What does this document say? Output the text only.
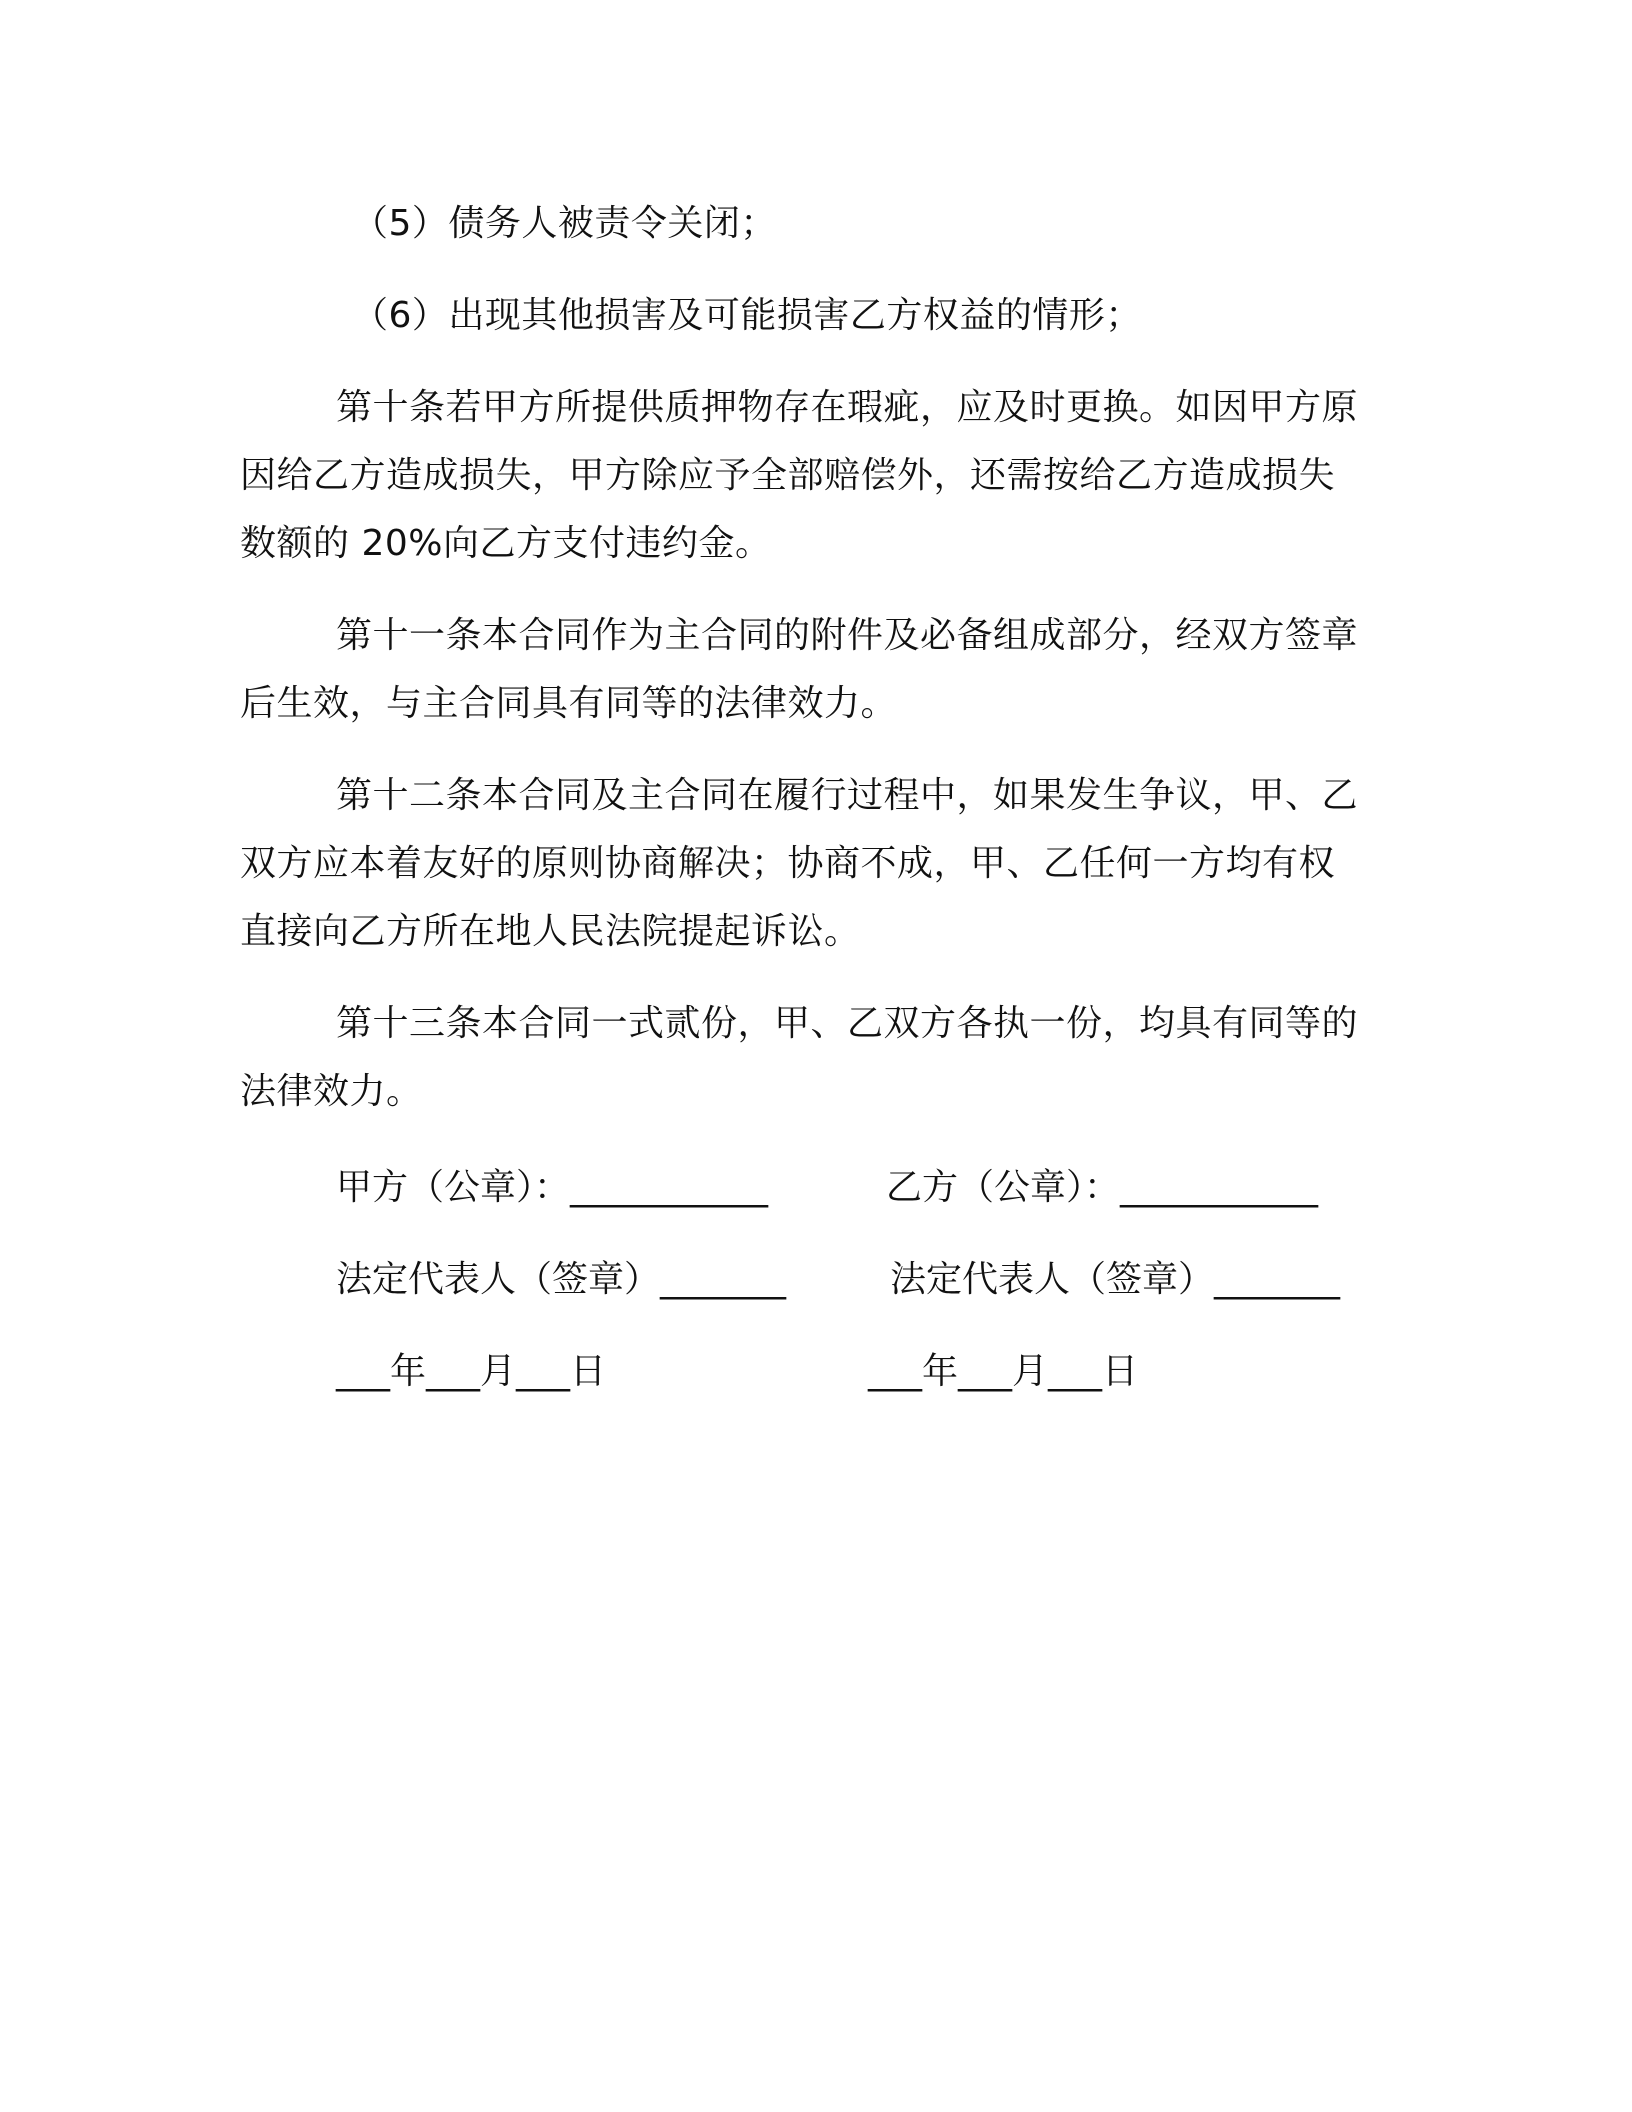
（5）债务人被责令关闭；
（6）出现其他损害及可能损害乙方权益的情形；
第十条若甲方所提供质押物存在瑕疵，应及时更换。如因甲方原
因给乙方造成损失，甲方除应予全部赔偿外，还需按给乙方造成损失
数额的 20%向乙方支付违约金。
第十一条本合同作为主合同的附件及必备组成部分，经双方签章
后生效，与主合同具有同等的法律效力。
第十二条本合同及主合同在履行过程中，如果发生争议，甲、乙
双方应本着友好的原则协商解决；协商不成，甲、乙任何一方均有权
直接向乙方所在地人民法院提起诉讼。
第十三条本合同一式贰份，甲、乙双方各执一份，均具有同等的
法律效力。
甲方（公章）：___________	乙方（公章）：___________
法定代表人（签章）_______	法定代表人（签章）_______
___年___月___日	___年___月___日
